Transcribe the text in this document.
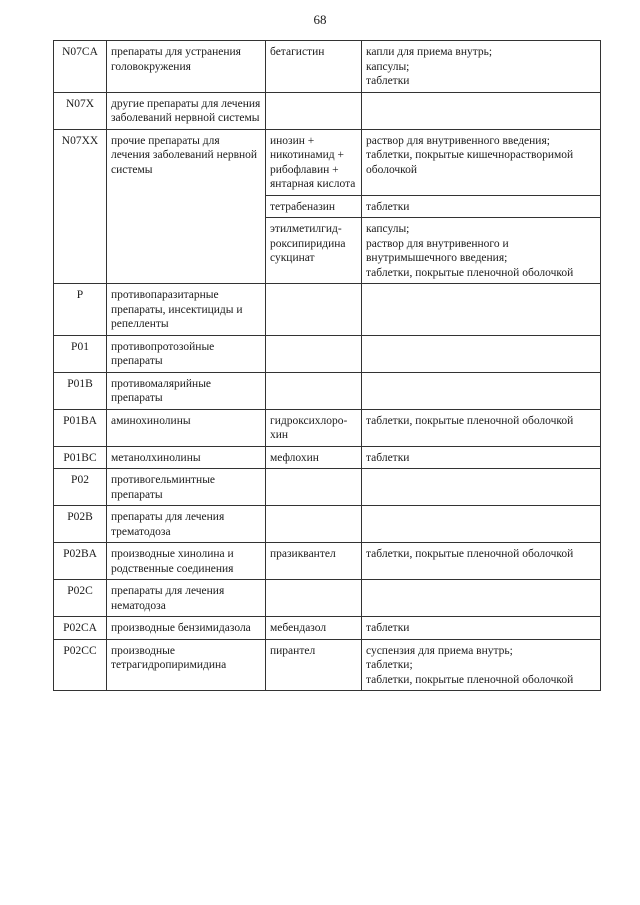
68
N07CA	препараты для устранения головокружения	бетагистин	капли для приема внутрь;
капсулы;
таблетки
N07X	другие препараты для лечения заболеваний нервной системы		
N07XX	прочие препараты для лечения заболеваний нервной системы	инозин + никотинамид + рибофлавин + янтарная кислота	раствор для внутривенного введения;
таблетки, покрытые кишечнорастворимой оболочкой
		тетрабеназин	таблетки
		этилметилгид-роксипиридина сукцинат	капсулы;
раствор для внутривенного и внутримышечного введения;
таблетки, покрытые пленочной оболочкой
P	противопаразитарные препараты, инсектициды и репелленты		
P01	противопротозойные препараты		
P01B	противомалярийные препараты		
P01BA	аминохинолины	гидроксихлоро-хин	таблетки, покрытые пленочной оболочкой
P01BC	метанолхинолины	мефлохин	таблетки
P02	противогельминтные препараты		
P02B	препараты для лечения трематодоза		
P02BA	производные хинолина и родственные соединения	празиквантел	таблетки, покрытые пленочной оболочкой
P02C	препараты для лечения нематодоза		
P02CA	производные бензимидазола	мебендазол	таблетки
P02CC	производные тетрагидропиримидина	пирантел	суспензия для приема внутрь;
таблетки;
таблетки, покрытые пленочной оболочкой
